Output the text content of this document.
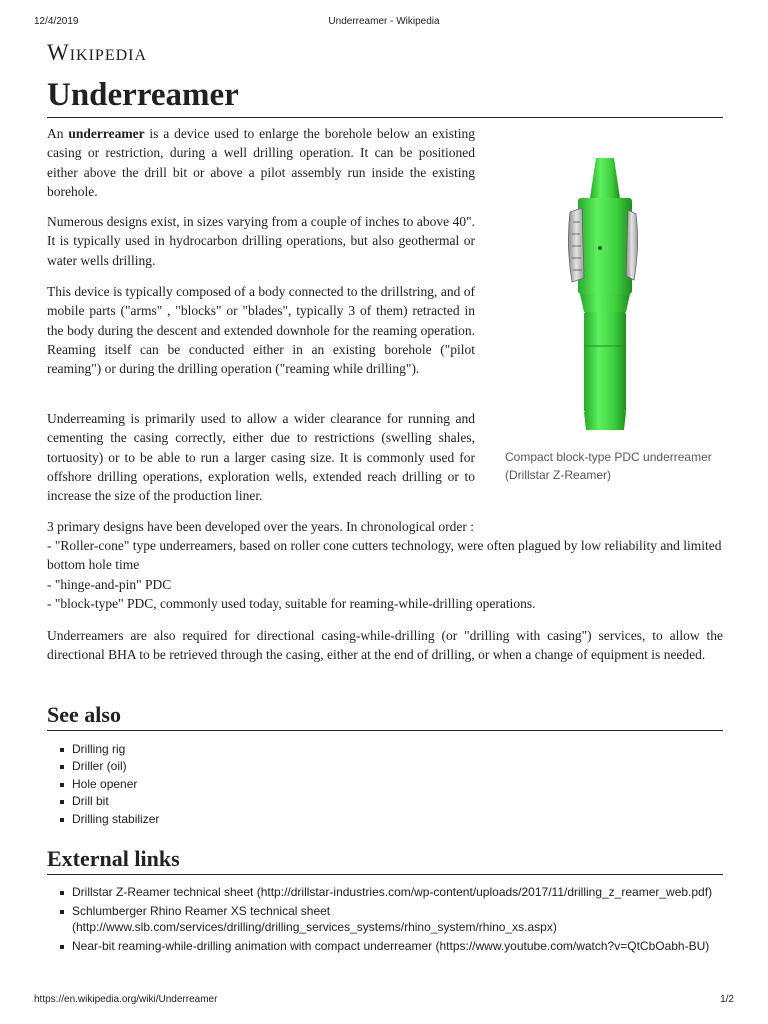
12/4/2019	Underreamer - Wikipedia
Wikipedia
Underreamer

An underreamer is a device used to enlarge the borehole below an existing casing or restriction, during a well drilling operation. It can be positioned either above the drill bit or above a pilot assembly run inside the existing borehole.

Numerous designs exist, in sizes varying from a couple of inches to above 40". It is typically used in hydrocarbon drilling operations, but also geothermal or water wells drilling.

This device is typically composed of a body connected to the drillstring, and of mobile parts ("arms" , "blocks" or "blades", typically 3 of them) retracted in the body during the descent and extended downhole for the reaming operation. Reaming itself can be conducted either in an existing borehole ("pilot reaming") or during the drilling operation ("reaming while drilling").

Underreaming is primarily used to allow a wider clearance for running and cementing the casing correctly, either due to restrictions (swelling shales, tortuosity) or to be able to run a larger casing size. It is commonly used for offshore drilling operations, exploration wells, extended reach drilling or to increase the size of the production liner.

Compact block-type PDC underreamer (Drillstar Z-Reamer)

3 primary designs have been developed over the years. In chronological order :

- "Roller-cone" type underreamers, based on roller cone cutters technology, were often plagued by low reliability and limited bottom hole time

- "hinge-and-pin" PDC

- "block-type" PDC, commonly used today, suitable for reaming-while-drilling operations.

Underreamers are also required for directional casing-while-drilling (or "drilling with casing") services, to allow the directional BHA to be retrieved through the casing, either at the end of drilling, or when a change of equipment is needed.

See also
Drilling rig
Driller (oil)
Hole opener
Drill bit
Drilling stabilizer
External links
Drillstar Z-Reamer technical sheet (http://drillstar-industries.com/wp-content/uploads/2017/11/drilling_z_reamer_web.pdf)
Schlumberger Rhino Reamer XS technical sheet (http://www.slb.com/services/drilling/drilling_services_systems/rhino_system/rhino_xs.aspx)
Near-bit reaming-while-drilling animation with compact underreamer (https://www.youtube.com/watch?v=QtCbOabh-BU)
https://en.wikipedia.org/wiki/Underreamer	1/2
